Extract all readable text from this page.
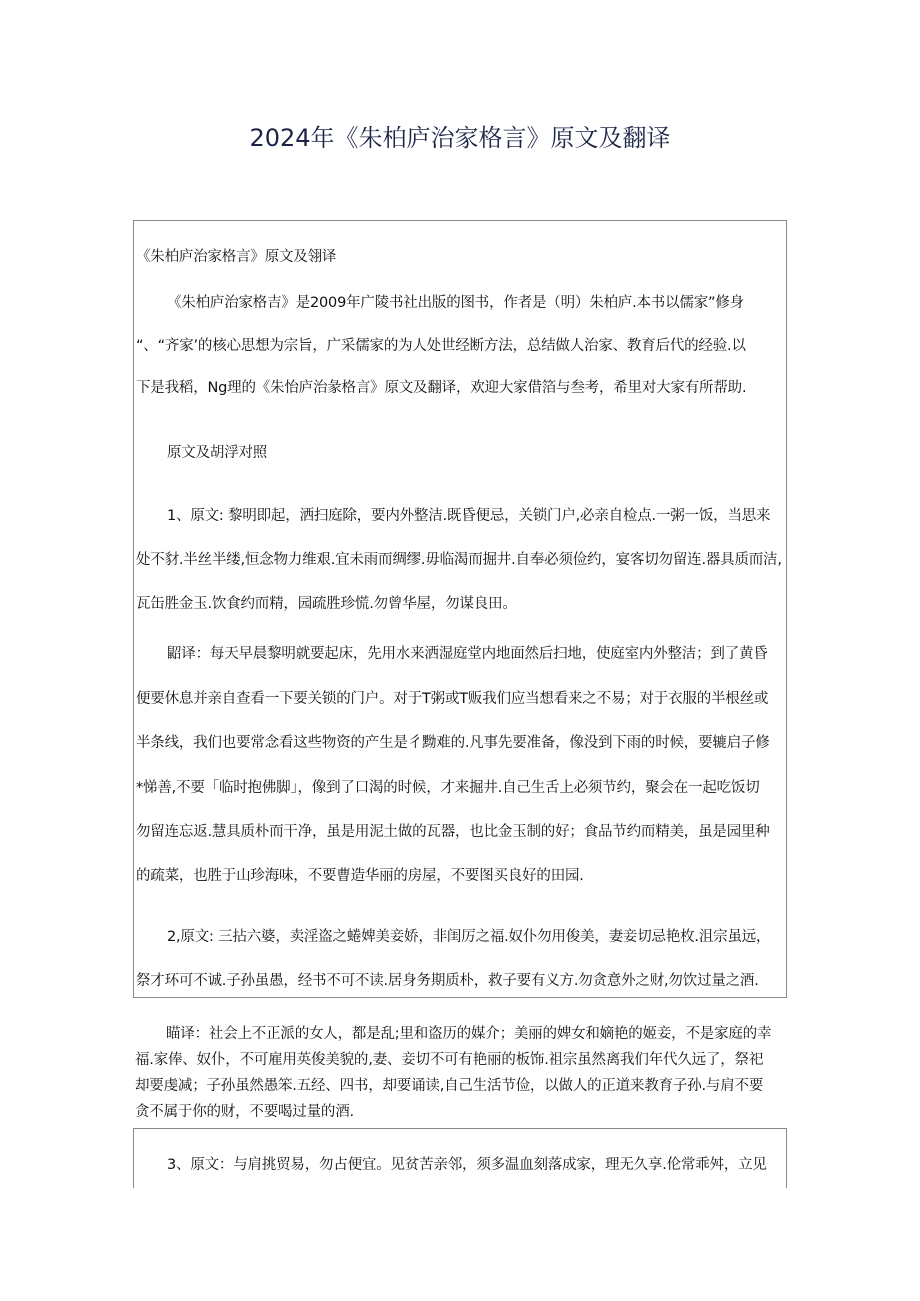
2024年《朱柏庐治家格言》原文及翻译
《朱柏庐治家格言》原文及翎译
《朱柏庐治家格吉》是2009年广陵书社出版的图书，作者是（明）朱柏庐.本书以儒家”修身
“、“齐家’的核心思想为宗旨，广采儒家的为人处世经断方法，总结做人治家、教育后代的经验.以
下是我稻，Ng理的《朱怡庐治彖格言》原文及翻译，欢迎大家借箔与叁考，希里对大家有所帮助.
原文及胡浮对照
1、原文: 黎明即起，洒扫庭除，要内外整洁.既昏便忌，关锁门户,必亲自检点.一粥一饭，当思来
处不豺.半丝半缕,恒念物力维艰.宜未雨而绸缪.毋临渴而掘井.自奉必须俭约，宴客切勿留连.器具质而洁,
瓦缶胜金玉.饮食约而精，园疏胜珍慌.勿曾华屋，勿谋良田。
鼦译：每天早晨黎明就要起床，先用水来洒湿庭堂内地面然后扫地，使庭室内外整洁；到了黄昏
便要休息并亲自查看一下要关锁的门户。对于T粥或T贩我们应当想看来之不易；对于衣服的半根丝或
半条线，我们也要常念看这些物资的产生是彳黝难的.凡事先要准备，像没到下雨的时候，要辘启子修
*悌善,不要「临时抱佛脚」，像到了口渴的时候，才来掘井.自己生舌上必须节约，聚会在一起吃饭切
勿留连忘返.慧具质朴而干净，虽是用泥土做的瓦器，也比金玉制的好；食品节约而精美，虽是园里种
的疏菜，也胜于山珍海味，不要曹造华丽的房屋，不要图买良好的田园.
2,原文: 三拈六婆，卖淫盗之蜷婢美妾娇，非闺厉之福.奴仆勿用俊美，妻妾切忌艳枚.沮宗虽远，
祭才环可不诚.子孙虽愚，经书不可不读.居身务期质朴，救子要有义方.勿贪意外之财,勿饮过量之酒.
瞄译：社会上不正派的女人，都是乱;里和盗历的媒介；美丽的婢女和嫡艳的姬妾，不是家庭的幸
福.家俸、奴仆，不可雇用英俊美貌的,妻、妾切不可有艳丽的板饰.祖宗虽然离我们年代久远了，祭祀
却要虔减；子孙虽然愚笨.五经、四书，却要诵读,自己生活节俭，以做人的正道来教育子孙.与肩不要
贪不属于你的财，不要喝过量的酒.
3、原文：与肩挑贸易，勿占便宜。见贫苦亲邻，须多温血刻落成家，理无久享.伦常乖舛，立见
